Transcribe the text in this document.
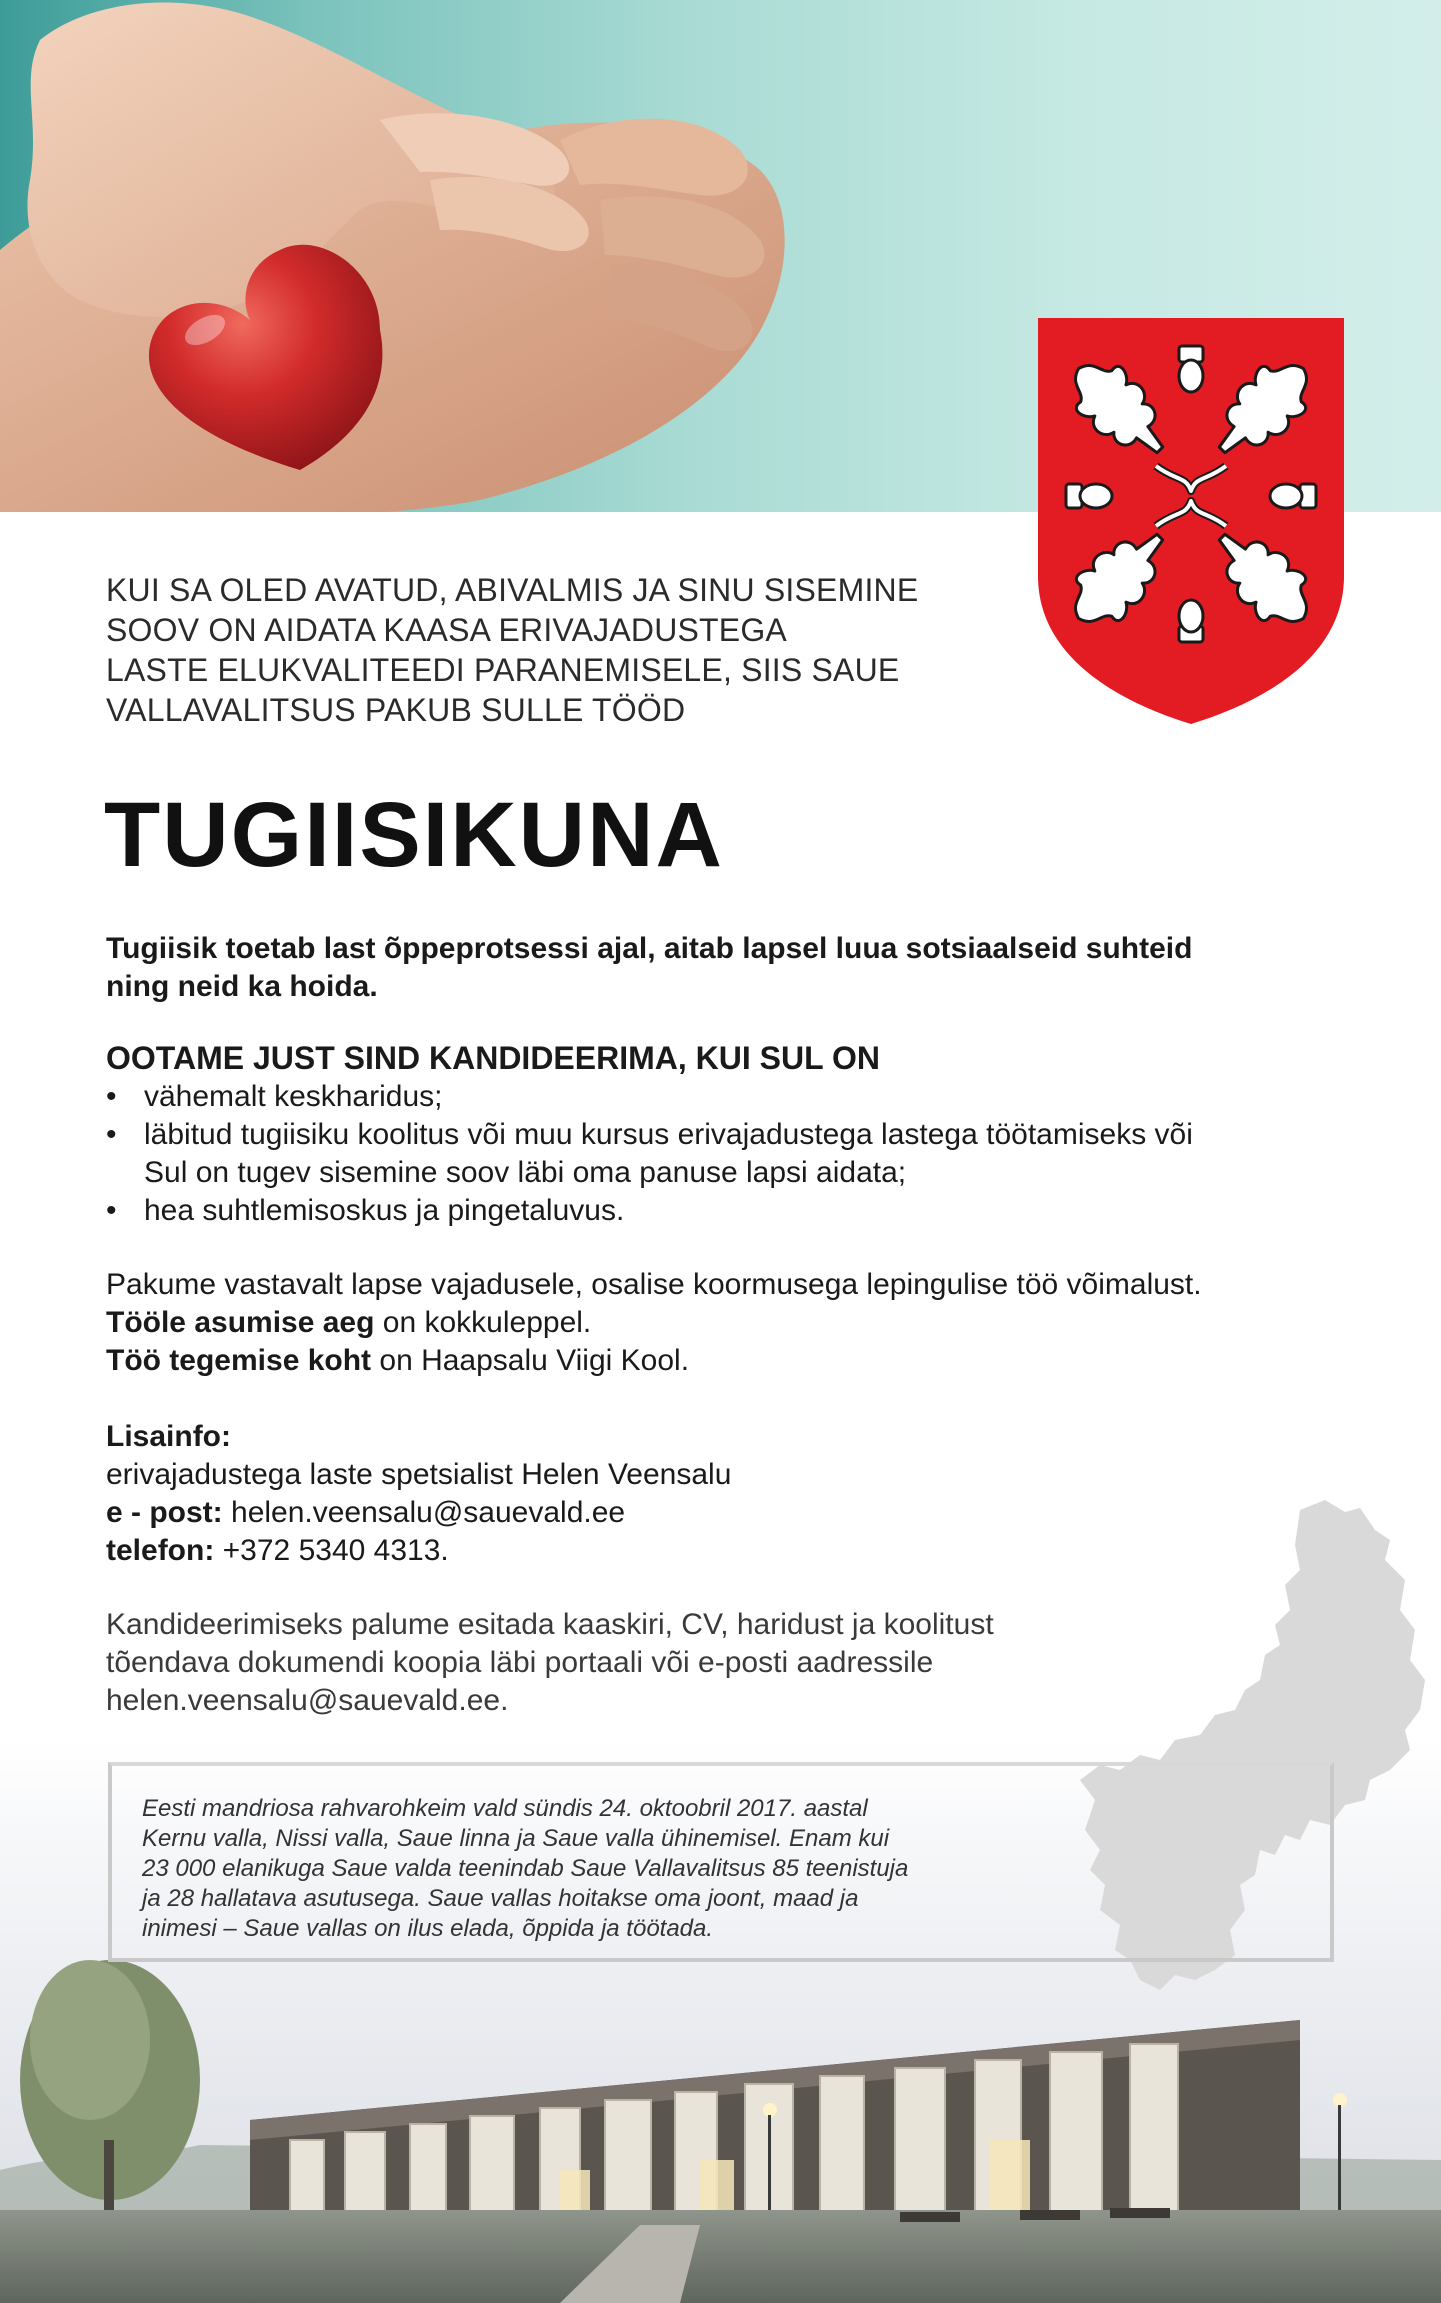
KUI SA OLED AVATUD, ABIVALMIS JA SINU SISEMINE
SOOV ON AIDATA KAASA ERIVAJADUSTEGA
LASTE ELUKVALITEEDI PARANEMISELE, SIIS SAUE
VALLAVALITSUS PAKUB SULLE TÖÖD
TUGIISIKUNA

Tugiisik toetab last õppeprotsessi ajal, aitab lapsel luua sotsiaalseid suhteid
ning neid ka hoida.

OOTAME JUST SIND KANDIDEERIMA, KUI SUL ON
• vähemalt keskharidus;
• läbitud tugiisiku koolitus või muu kursus erivajadustega lastega töötamiseks või
Sul on tugev sisemine soov läbi oma panuse lapsi aidata;
• hea suhtlemisoskus ja pingetaluvus.
Pakume vastavalt lapse vajadusele, osalise koormusega lepingulise töö võimalust.
Tööle asumise aeg on kokkuleppel.
Töö tegemise koht on Haapsalu Viigi Kool.
Lisainfo:
erivajadustega laste spetsialist Helen Veensalu
e - post: helen.veensalu@sauevald.ee
telefon: +372 5340 4313.
Kandideerimiseks palume esitada kaaskiri, CV, haridust ja koolitust
tõendava dokumendi koopia läbi portaali või e-posti aadressile
helen.veensalu@sauevald.ee.
Eesti mandriosa rahvarohkeim vald sündis 24. oktoobril 2017. aastal
Kernu valla, Nissi valla, Saue linna ja Saue valla ühinemisel. Enam kui
23 000 elanikuga Saue valda teenindab Saue Vallavalitsus 85 teenistuja
ja 28 hallatava asutusega. Saue vallas hoitakse oma joont, maad ja
inimesi – Saue vallas on ilus elada, õppida ja töötada.
